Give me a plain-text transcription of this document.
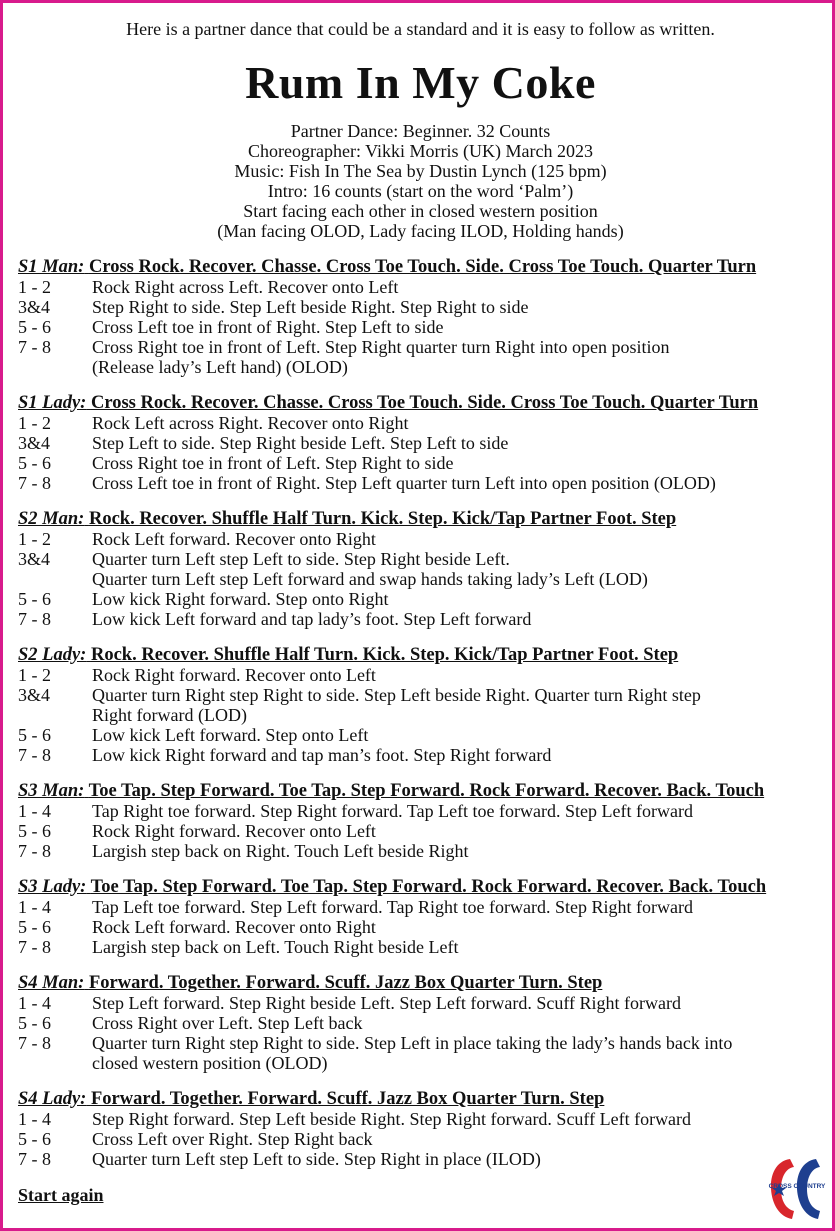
Here is a partner dance that could be a standard and it is easy to follow as written.
Rum In My Coke
Partner Dance: Beginner. 32 Counts
Choreographer: Vikki Morris (UK) March 2023
Music: Fish In The Sea by Dustin Lynch (125 bpm)
Intro: 16 counts (start on the word ‘Palm’)
Start facing each other in closed western position
(Man facing OLOD, Lady facing ILOD, Holding hands)
S1 Man: Cross Rock. Recover. Chasse. Cross Toe Touch. Side. Cross Toe Touch. Quarter Turn
1 - 2	Rock Right across Left. Recover onto Left
3&4	Step Right to side. Step Left beside Right. Step Right to side
5 - 6	Cross Left toe in front of Right. Step Left to side
7 - 8	Cross Right toe in front of Left. Step Right quarter turn Right into open position
(Release lady’s Left hand) (OLOD)
S1 Lady: Cross Rock. Recover. Chasse. Cross Toe Touch. Side. Cross Toe Touch. Quarter Turn
1 - 2	Rock Left across Right. Recover onto Right
3&4	Step Left to side. Step Right beside Left. Step Left to side
5 - 6	Cross Right toe in front of Left. Step Right to side
7 - 8	Cross Left toe in front of Right. Step Left quarter turn Left into open position (OLOD)
S2 Man: Rock. Recover. Shuffle Half Turn. Kick. Step. Kick/Tap Partner Foot. Step
1 - 2	Rock Left forward. Recover onto Right
3&4	Quarter turn Left step Left to side. Step Right beside Left.
Quarter turn Left step Left forward and swap hands taking lady’s Left (LOD)
5 - 6	Low kick Right forward. Step onto Right
7 - 8	Low kick Left forward and tap lady’s foot. Step Left forward
S2 Lady: Rock. Recover. Shuffle Half Turn. Kick. Step. Kick/Tap Partner Foot. Step
1 - 2	Rock Right forward. Recover onto Left
3&4	Quarter turn Right step Right to side. Step Left beside Right. Quarter turn Right step
Right forward (LOD)
5 - 6	Low kick Left forward. Step onto Left
7 - 8	Low kick Right forward and tap man’s foot. Step Right forward
S3 Man: Toe Tap. Step Forward. Toe Tap. Step Forward. Rock Forward. Recover. Back. Touch
1 - 4	Tap Right toe forward. Step Right forward. Tap Left toe forward. Step Left forward
5 - 6	Rock Right forward. Recover onto Left
7 - 8	Largish step back on Right. Touch Left beside Right
S3 Lady: Toe Tap. Step Forward. Toe Tap. Step Forward. Rock Forward. Recover. Back. Touch
1 - 4	Tap Left toe forward. Step Left forward. Tap Right toe forward. Step Right forward
5 - 6	Rock Left forward. Recover onto Right
7 - 8	Largish step back on Left. Touch Right beside Left
S4 Man: Forward. Together. Forward. Scuff. Jazz Box Quarter Turn. Step
1 - 4	Step Left forward. Step Right beside Left. Step Left forward. Scuff Right forward
5 - 6	Cross Right over Left. Step Left back
7 - 8	Quarter turn Right step Right to side. Step Left in place taking the lady’s hands back into
closed western position (OLOD)
S4 Lady: Forward. Together. Forward. Scuff. Jazz Box Quarter Turn. Step
1 - 4	Step Right forward. Step Left beside Right. Step Right forward. Scuff Left forward
5 - 6	Cross Left over Right. Step Right back
7 - 8	Quarter turn Left step Left to side. Step Right in place (ILOD)
Start again	CROSS COUNTRY
